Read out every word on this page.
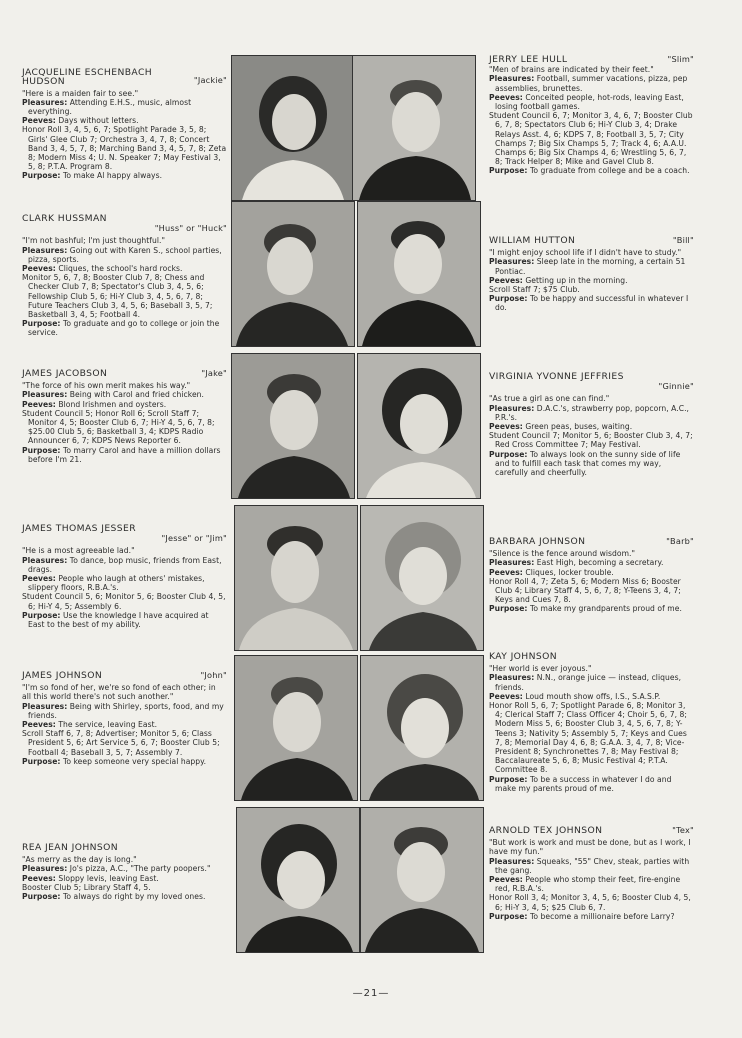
JACQUELINE ESCHENBACH
HUDSON	"Jackie"

"Here is a maiden fair to see."

Pleasures: Attending E.H.S., music, almost everything.

Peeves: Days without letters.

Honor Roll 3, 4, 5, 6, 7; Spotlight Parade 3, 5, 8; Girls' Glee Club 7; Orchestra 3, 4, 7, 8; Concert Band 3, 4, 5, 7, 8; Marching Band 3, 4, 5, 7, 8; Zeta 8; Modern Miss 4; U. N. Speaker 7; May Festival 3, 5, 8; P.T.A. Program 8.

Purpose: To make Al happy always.

CLARK HUSSMAN
"Huss" or "Huck"

"I'm not bashful; I'm just thoughtful."

Pleasures: Going out with Karen S., school parties, pizza, sports.

Peeves: Cliques, the school's hard rocks.

Monitor 5, 6, 7, 8; Booster Club 7, 8; Chess and Checker Club 7, 8; Spectator's Club 3, 4, 5, 6; Fellowship Club 5, 6; Hi-Y Club 3, 4, 5, 6, 7, 8; Future Teachers Club 3, 4, 5, 6; Baseball 3, 5, 7; Basketball 3, 4, 5; Football 4.

Purpose: To graduate and go to college or join the service.

JAMES JACOBSON	"Jake"

"The force of his own merit makes his way."

Pleasures: Being with Carol and fried chicken.

Peeves: Blond Irishmen and oysters.

Student Council 5; Honor Roll 6; Scroll Staff 7; Monitor 4, 5; Booster Club 6, 7; Hi-Y 4, 5, 6, 7, 8; $25.00 Club 5, 6; Basketball 3, 4; KDPS Radio Announcer 6, 7; KDPS News Reporter 6.

Purpose: To marry Carol and have a million dollars before I'm 21.

JAMES THOMAS JESSER
"Jesse" or "Jim"

"He is a most agreeable lad."

Pleasures: To dance, bop music, friends from East, drags.

Peeves: People who laugh at others' mistakes, slippery floors, R.B.A.'s.

Student Council 5, 6; Monitor 5, 6; Booster Club 4, 5, 6; Hi-Y 4, 5; Assembly 6.

Purpose: Use the knowledge I have acquired at East to the best of my ability.

JAMES JOHNSON	"John"

"I'm so fond of her, we're so fond of each other; in all this world there's not such another."

Pleasures: Being with Shirley, sports, food, and my friends.

Peeves: The service, leaving East.

Scroll Staff 6, 7, 8; Advertiser; Monitor 5, 6; Class President 5, 6; Art Service 5, 6, 7; Booster Club 5; Football 4; Baseball 3, 5, 7; Assembly 7.

Purpose: To keep someone very special happy.

REA JEAN JOHNSON

"As merry as the day is long."

Pleasures: Jo's pizza, A.C., "The party poopers."

Peeves: Sloppy levis, leaving East.

Booster Club 5; Library Staff 4, 5.

Purpose: To always do right by my loved ones.

JERRY LEE HULL	"Slim"

"Men of brains are indicated by their feet."

Pleasures: Football, summer vacations, pizza, pep assemblies, brunettes.

Peeves: Conceited people, hot-rods, leaving East, losing football games.

Student Council 6, 7; Monitor 3, 4, 6, 7; Booster Club 6, 7, 8; Spectators Club 6; Hi-Y Club 3, 4; Drake Relays Asst. 4, 6; KDPS 7, 8; Football 3, 5, 7; City Champs 7; Big Six Champs 5, 7; Track 4, 6; A.A.U. Champs 6; Big Six Champs 4, 6; Wrestling 5, 6, 7, 8; Track Helper 8; Mike and Gavel Club 8.

Purpose: To graduate from college and be a coach.

WILLIAM HUTTON	"Bill"

"I might enjoy school life if I didn't have to study."

Pleasures: Sleep late in the morning, a certain 51 Pontiac.

Peeves: Getting up in the morning.

Scroll Staff 7; $75 Club.

Purpose: To be happy and successful in whatever I do.

VIRGINIA YVONNE JEFFRIES
"Ginnie"

"As true a girl as one can find."

Pleasures: D.A.C.'s, strawberry pop, popcorn, A.C., P.R.'s.

Peeves: Green peas, buses, waiting.

Student Council 7; Monitor 5, 6; Booster Club 3, 4, 7; Red Cross Committee 7; May Festival.

Purpose: To always look on the sunny side of life and to fulfill each task that comes my way, carefully and cheerfully.

BARBARA JOHNSON	"Barb"

"Silence is the fence around wisdom."

Pleasures: East High, becoming a secretary.

Peeves: Cliques, locker trouble.

Honor Roll 4, 7; Zeta 5, 6; Modern Miss 6; Booster Club 4; Library Staff 4, 5, 6, 7, 8; Y-Teens 3, 4, 7; Keys and Cues 7, 8.

Purpose: To make my grandparents proud of me.

KAY JOHNSON

"Her world is ever joyous."

Pleasures: N.N., orange juice — instead, cliques, friends.

Peeves: Loud mouth show offs, I.S., S.A.S.P.

Honor Roll 5, 6, 7; Spotlight Parade 6, 8; Monitor 3, 4; Clerical Staff 7; Class Officer 4; Choir 5, 6, 7, 8; Modern Miss 5, 6; Booster Club 3, 4, 5, 6, 7, 8; Y-Teens 3; Nativity 5; Assembly 5, 7; Keys and Cues 7, 8; Memorial Day 4, 6, 8; G.A.A. 3, 4, 7, 8; Vice-President 8; Synchronettes 7, 8; May Festival 8; Baccalaureate 5, 6, 8; Music Festival 4; P.T.A. Committee 8.

Purpose: To be a success in whatever I do and make my parents proud of me.

ARNOLD TEX JOHNSON	"Tex"

"But work is work and must be done, but as I work, I have my fun."

Pleasures: Squeaks, "55" Chev, steak, parties with the gang.

Peeves: People who stomp their feet, fire-engine red, R.B.A.'s.

Honor Roll 3, 4; Monitor 3, 4, 5, 6; Booster Club 4, 5, 6; Hi-Y 3, 4, 5; $25 Club 6, 7.

Purpose: To become a millionaire before Larry?

—21—
